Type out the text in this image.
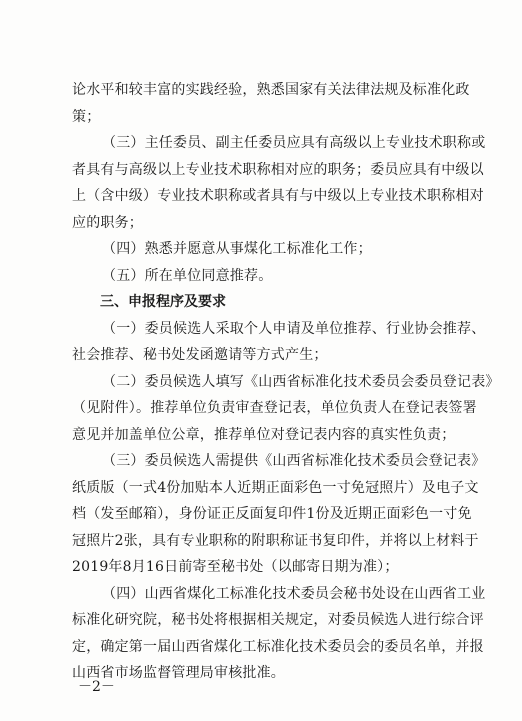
论水平和较丰富的实践经验，熟悉国家有关法律法规及标准化政
策；
（三）主任委员、副主任委员应具有高级以上专业技术职称或
者具有与高级以上专业技术职称相对应的职务；委员应具有中级以
上（含中级）专业技术职称或者具有与中级以上专业技术职称相对
应的职务；
（四）熟悉并愿意从事煤化工标准化工作；
（五）所在单位同意推荐。
三、申报程序及要求
（一）委员候选人采取个人申请及单位推荐、行业协会推荐、
社会推荐、秘书处发函邀请等方式产生；
（二）委员候选人填写《山西省标准化技术委员会委员登记表》
（见附件）。推荐单位负责审查登记表，单位负责人在登记表签署
意见并加盖单位公章，推荐单位对登记表内容的真实性负责；
（三）委员候选人需提供《山西省标准化技术委员会登记表》
纸质版（一式4份加贴本人近期正面彩色一寸免冠照片）及电子文
档（发至邮箱），身份证正反面复印件1份及近期正面彩色一寸免
冠照片2张，具有专业职称的附职称证书复印件，并将以上材料于
2019年8月16日前寄至秘书处（以邮寄日期为准）；
（四）山西省煤化工标准化技术委员会秘书处设在山西省工业
标准化研究院，秘书处将根据相关规定，对委员候选人进行综合评
定，确定第一届山西省煤化工标准化技术委员会的委员名单，并报
山西省市场监督管理局审核批准。
－2－
